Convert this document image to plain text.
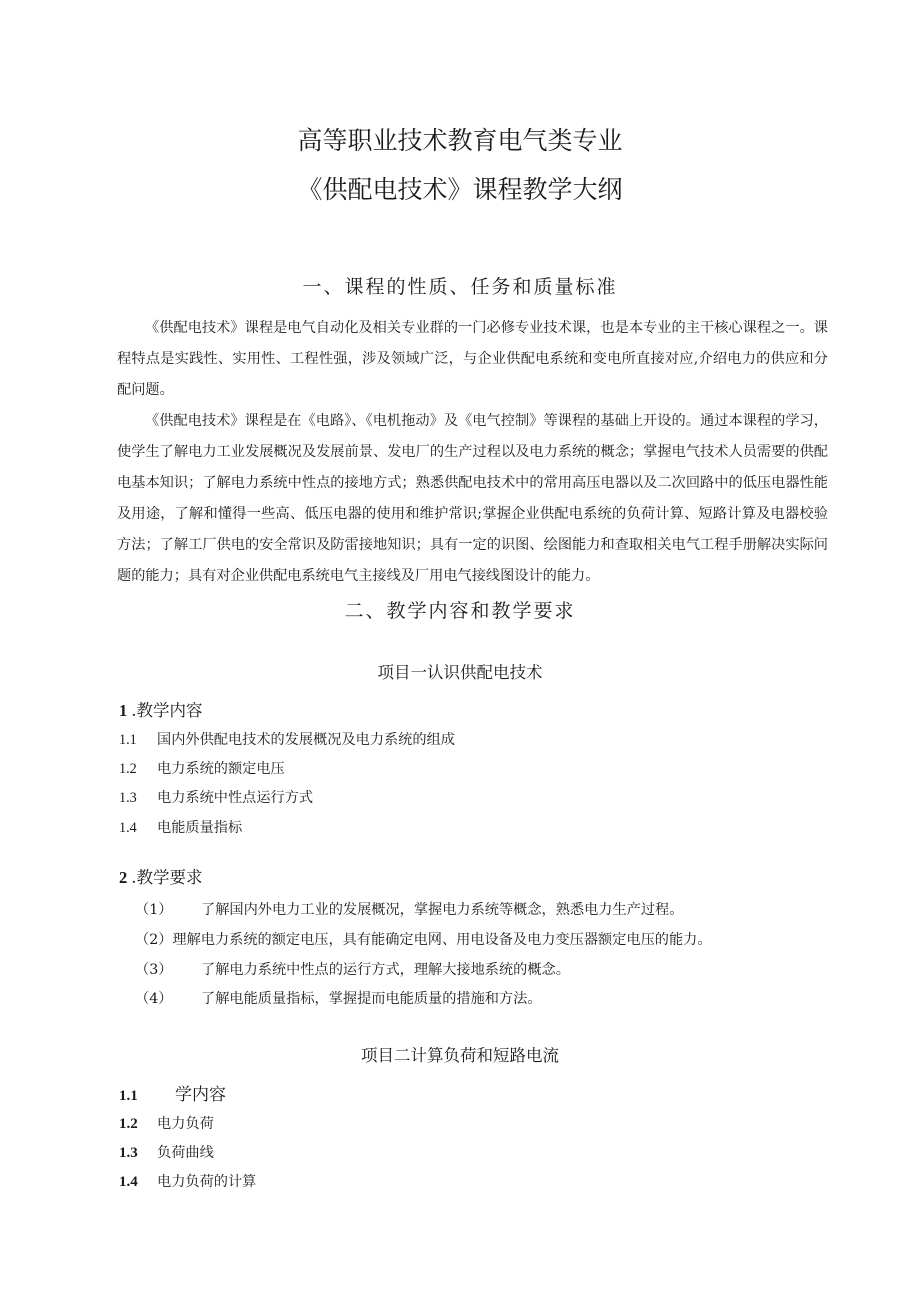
高等职业技术教育电气类专业
《供配电技术》课程教学大纲
一、课程的性质、任务和质量标准
《供配电技术》课程是电气自动化及相关专业群的一门必修专业技术课，也是本专业的主干核心课程之一。课程特点是实践性、实用性、工程性强，涉及领域广泛，与企业供配电系统和变电所直接对应,介绍电力的供应和分配问题。
《供配电技术》课程是在《电路》、《电机拖动》及《电气控制》等课程的基础上开设的。通过本课程的学习，使学生了解电力工业发展概况及发展前景、发电厂的生产过程以及电力系统的概念；掌握电气技术人员需要的供配电基本知识；了解电力系统中性点的接地方式；熟悉供配电技术中的常用高压电器以及二次回路中的低压电器性能及用途，了解和懂得一些高、低压电器的使用和维护常识;掌握企业供配电系统的负荷计算、短路计算及电器校验方法；了解工厂供电的安全常识及防雷接地知识；具有一定的识图、绘图能力和查取相关电气工程手册解决实际问题的能力；具有对企业供配电系统电气主接线及厂用电气接线图设计的能力。
二、教学内容和教学要求
项目一认识供配电技术
1 .教学内容
1.1 国内外供配电技术的发展概况及电力系统的组成
1.2 电力系统的额定电压
1.3 电力系统中性点运行方式
1.4 电能质量指标
2 .教学要求
（1） 了解国内外电力工业的发展概况，掌握电力系统等概念，熟悉电力生产过程。
（2）理解电力系统的额定电压，具有能确定电网、用电设备及电力变压器额定电压的能力。
（3） 了解电力系统中性点的运行方式，理解大接地系统的概念。
（4） 了解电能质量指标，掌握提而电能质量的措施和方法。
项目二计算负荷和短路电流
1.1 学内容
1.2 电力负荷
1.3 负荷曲线
1.4 电力负荷的计算
